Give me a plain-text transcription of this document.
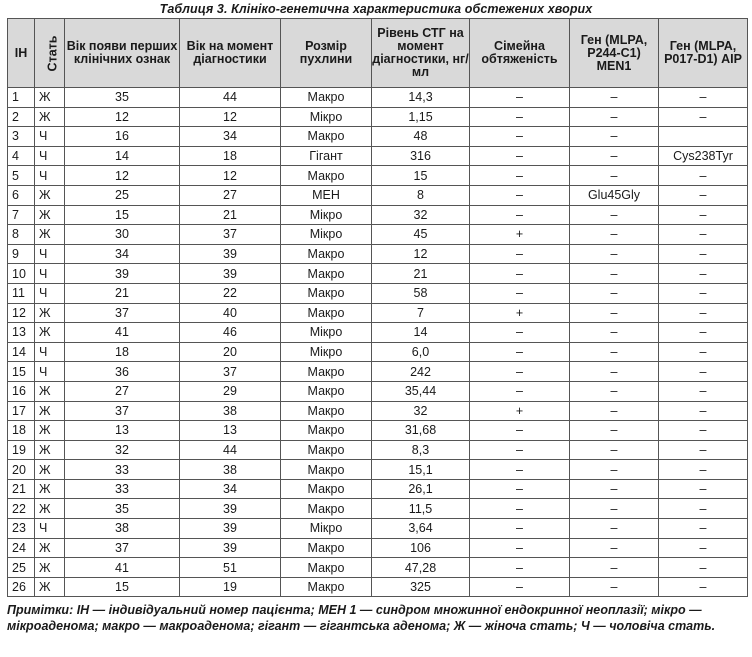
Таблиця 3. Клініко-генетична характеристика обстежених хворих
ІН	Стать	Вік появи перших клінічних ознак	Вік на момент діагностики	Розмір пухлини	Рівень СТГ на момент діагностики, нг/мл	Сімейна обтяженість	Ген (MLPA, P244-C1) MEN1	Ген (MLPA, P017-D1) AIP
1	Ж	35	44	Макро	14,3	–	–	–
2	Ж	12	12	Мікро	1,15	–	–	–
3	Ч	16	34	Макро	48	–	–	
4	Ч	14	18	Гігант	316	–	–	Cys238Tyr
5	Ч	12	12	Макро	15	–	–	–
6	Ж	25	27	МЕН	8	–	Glu45Gly	–
7	Ж	15	21	Мікро	32	–	–	–
8	Ж	30	37	Мікро	45	+	–	–
9	Ч	34	39	Макро	12	–	–	–
10	Ч	39	39	Макро	21	–	–	–
11	Ч	21	22	Макро	58	–	–	–
12	Ж	37	40	Макро	7	+	–	–
13	Ж	41	46	Мікро	14	–	–	–
14	Ч	18	20	Мікро	6,0	–	–	–
15	Ч	36	37	Макро	242	–	–	–
16	Ж	27	29	Макро	35,44	–	–	–
17	Ж	37	38	Макро	32	+	–	–
18	Ж	13	13	Макро	31,68	–	–	–
19	Ж	32	44	Макро	8,3	–	–	–
20	Ж	33	38	Макро	15,1	–	–	–
21	Ж	33	34	Макро	26,1	–	–	–
22	Ж	35	39	Макро	11,5	–	–	–
23	Ч	38	39	Мікро	3,64	–	–	–
24	Ж	37	39	Макро	106	–	–	–
25	Ж	41	51	Макро	47,28	–	–	–
26	Ж	15	19	Макро	325	–	–	–
Примітки: ІН — індивідуальний номер пацієнта; МЕН 1 — синдром множинної ендокринної неоплазії; мікро — мікроаденома; макро — макроаденома; гігант — гігантська аденома; Ж — жіноча стать; Ч — чоловіча стать.
